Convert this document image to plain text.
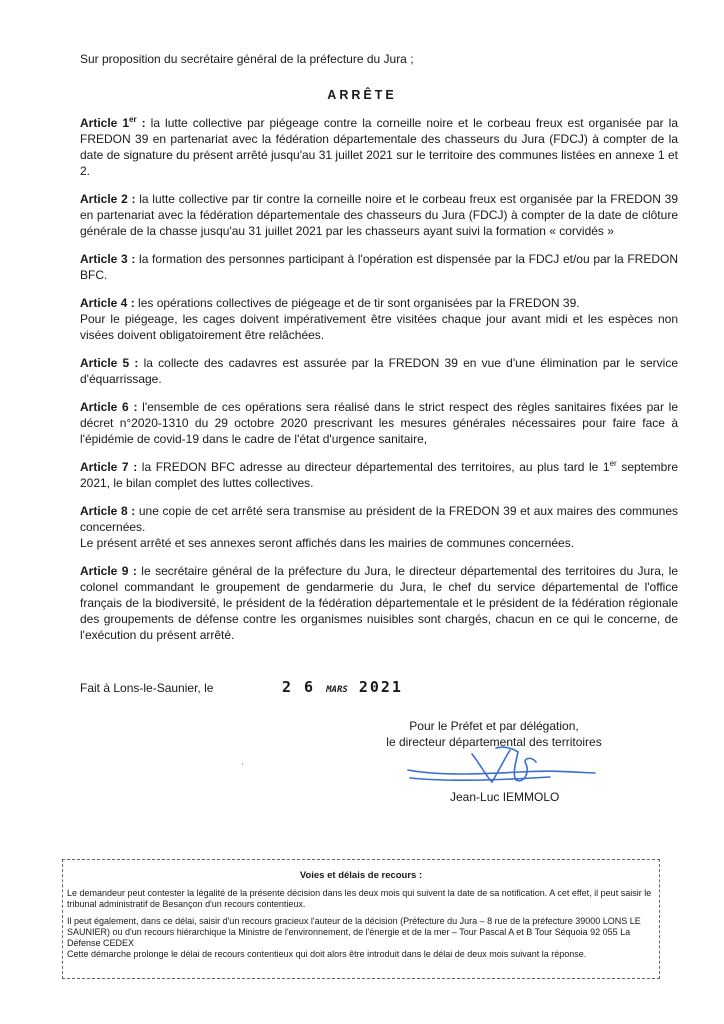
Sur proposition du secrétaire général de la préfecture du Jura ;
ARRÊTE

Article 1er : la lutte collective par piégeage contre la corneille noire et le corbeau freux est organisée par la FREDON 39 en partenariat avec la fédération départementale des chasseurs du Jura (FDCJ) à compter de la date de signature du présent arrêté jusqu'au 31 juillet 2021 sur le territoire des communes listées en annexe 1 et 2.

Article 2 : la lutte collective par tir contre la corneille noire et le corbeau freux est organisée par la FREDON 39 en partenariat avec la fédération départementale des chasseurs du Jura (FDCJ) à compter de la date de clôture générale de la chasse jusqu'au 31 juillet 2021 par les chasseurs ayant suivi la formation « corvidés »

Article 3 : la formation des personnes participant à l'opération est dispensée par la FDCJ et/ou par la FREDON BFC.

Article 4 : les opérations collectives de piégeage et de tir sont organisées par la FREDON 39.
Pour le piégeage, les cages doivent impérativement être visitées chaque jour avant midi et les espèces non visées doivent obligatoirement être relâchées.

Article 5 : la collecte des cadavres est assurée par la FREDON 39 en vue d'une élimination par le service d'équarrissage.

Article 6 : l'ensemble de ces opérations sera réalisé dans le strict respect des règles sanitaires fixées par le décret n°2020-1310 du 29 octobre 2020 prescrivant les mesures générales nécessaires pour faire face à l'épidémie de covid-19 dans le cadre de l'état d'urgence sanitaire,

Article 7 : la FREDON BFC adresse au directeur départemental des territoires, au plus tard le 1er septembre 2021, le bilan complet des luttes collectives.

Article 8 : une copie de cet arrêté sera transmise au président de la FREDON 39 et aux maires des communes concernées.
Le présent arrêté et ses annexes seront affichés dans les mairies de communes concernées.

Article 9 : le secrétaire général de la préfecture du Jura, le directeur départemental des territoires du Jura, le colonel commandant le groupement de gendarmerie du Jura, le chef du service départemental de l'office français de la biodiversité, le président de la fédération départementale et le président de la fédération régionale des groupements de défense contre les organismes nuisibles sont chargés, chacun en ce qui le concerne, de l'exécution du présent arrêté.

Fait à Lons-le-Saunier, le	2 6 MARS 2021
ˌ
Pour le Préfet et par délégation,
le directeur départemental des territoires
Jean-Luc IEMMOLO
Voies et délais de recours :

Le demandeur peut contester la légalité de la présente décision dans les deux mois qui suivent la date de sa notification. A cet effet, il peut saisir le tribunal administratif de Besançon d'un recours contentieux.

Il peut également, dans ce délai, saisir d'un recours gracieux l'auteur de la décision (Préfecture du Jura – 8 rue de la préfecture 39000 LONS LE SAUNIER) ou d'un recours hiérarchique la Ministre de l'environnement, de l'énergie et de la mer – Tour Pascal A et B Tour Séquoia 92 055 La Défense CEDEX

Cette démarche prolonge le délai de recours contentieux qui doit alors être introduit dans le délai de deux mois suivant la réponse.
